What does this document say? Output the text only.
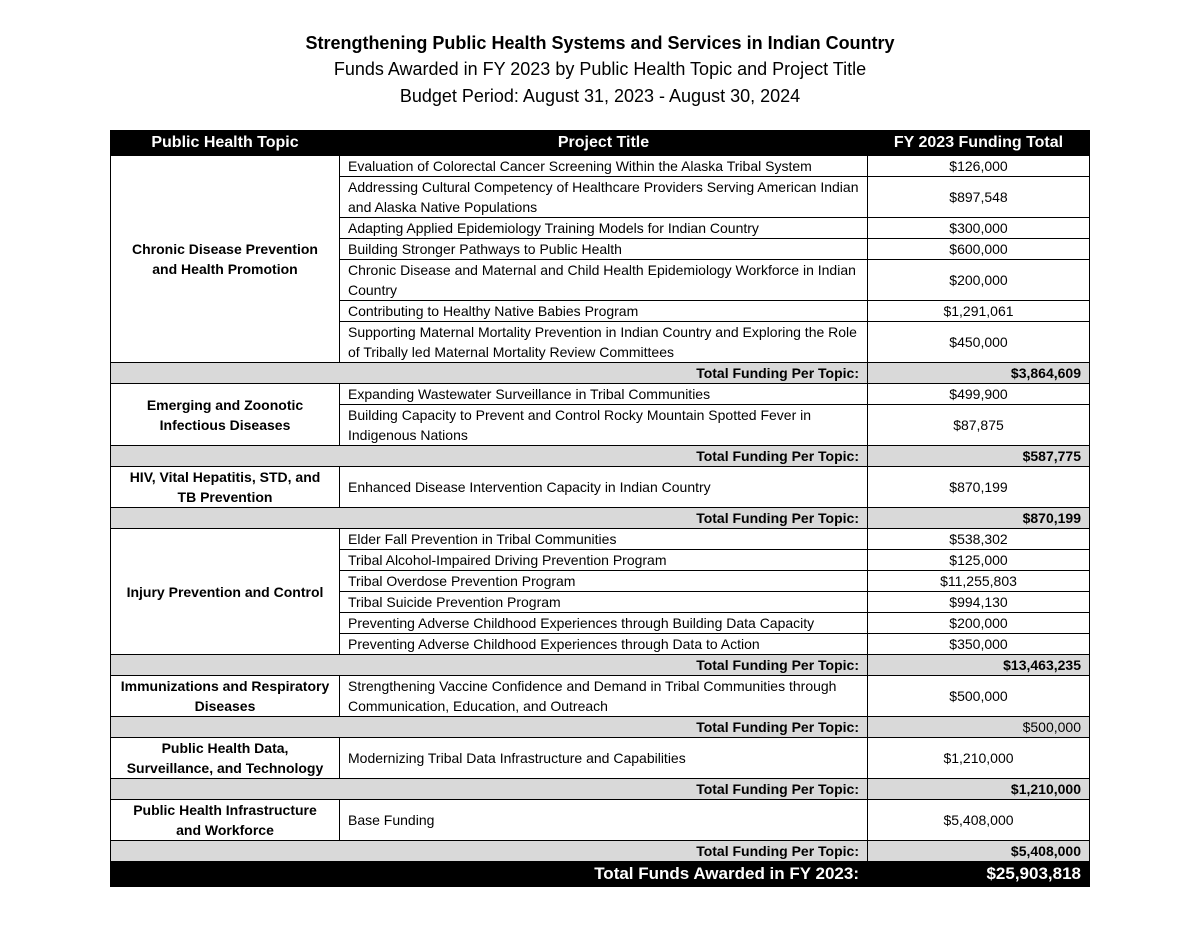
Strengthening Public Health Systems and Services in Indian Country
Funds Awarded in FY 2023 by Public Health Topic and Project Title
Budget Period: August 31, 2023 - August 30, 2024
Public Health Topic	Project Title	FY 2023 Funding Total
Chronic Disease Prevention and Health Promotion	Evaluation of Colorectal Cancer Screening Within the Alaska Tribal System	$126,000
	Addressing Cultural Competency of Healthcare Providers Serving American Indian and Alaska Native Populations	$897,548
	Adapting Applied Epidemiology Training Models for Indian Country	$300,000
	Building Stronger Pathways to Public Health	$600,000
	Chronic Disease and Maternal and Child Health Epidemiology Workforce in Indian Country	$200,000
	Contributing to Healthy Native Babies Program	$1,291,061
	Supporting Maternal Mortality Prevention in Indian Country and Exploring the Role of Tribally led Maternal Mortality Review Committees	$450,000
Total Funding Per Topic:		$3,864,609
Emerging and Zoonotic Infectious Diseases	Expanding Wastewater Surveillance in Tribal Communities	$499,900
	Building Capacity to Prevent and Control Rocky Mountain Spotted Fever in Indigenous Nations	$87,875
Total Funding Per Topic:		$587,775
HIV, Vital Hepatitis, STD, and TB Prevention	Enhanced Disease Intervention Capacity in Indian Country	$870,199
Total Funding Per Topic:		$870,199
Injury Prevention and Control	Elder Fall Prevention in Tribal Communities	$538,302
	Tribal Alcohol-Impaired Driving Prevention Program	$125,000
	Tribal Overdose Prevention Program	$11,255,803
	Tribal Suicide Prevention Program	$994,130
	Preventing Adverse Childhood Experiences through Building Data Capacity	$200,000
	Preventing Adverse Childhood Experiences through Data to Action	$350,000
Total Funding Per Topic:		$13,463,235
Immunizations and Respiratory Diseases	Strengthening Vaccine Confidence and Demand in Tribal Communities through Communication, Education, and Outreach	$500,000
Total Funding Per Topic:		$500,000
Public Health Data, Surveillance, and Technology	Modernizing Tribal Data Infrastructure and Capabilities	$1,210,000
Total Funding Per Topic:		$1,210,000
Public Health Infrastructure and Workforce	Base Funding	$5,408,000
Total Funding Per Topic:		$5,408,000
Total Funds Awarded in FY 2023:		$25,903,818
